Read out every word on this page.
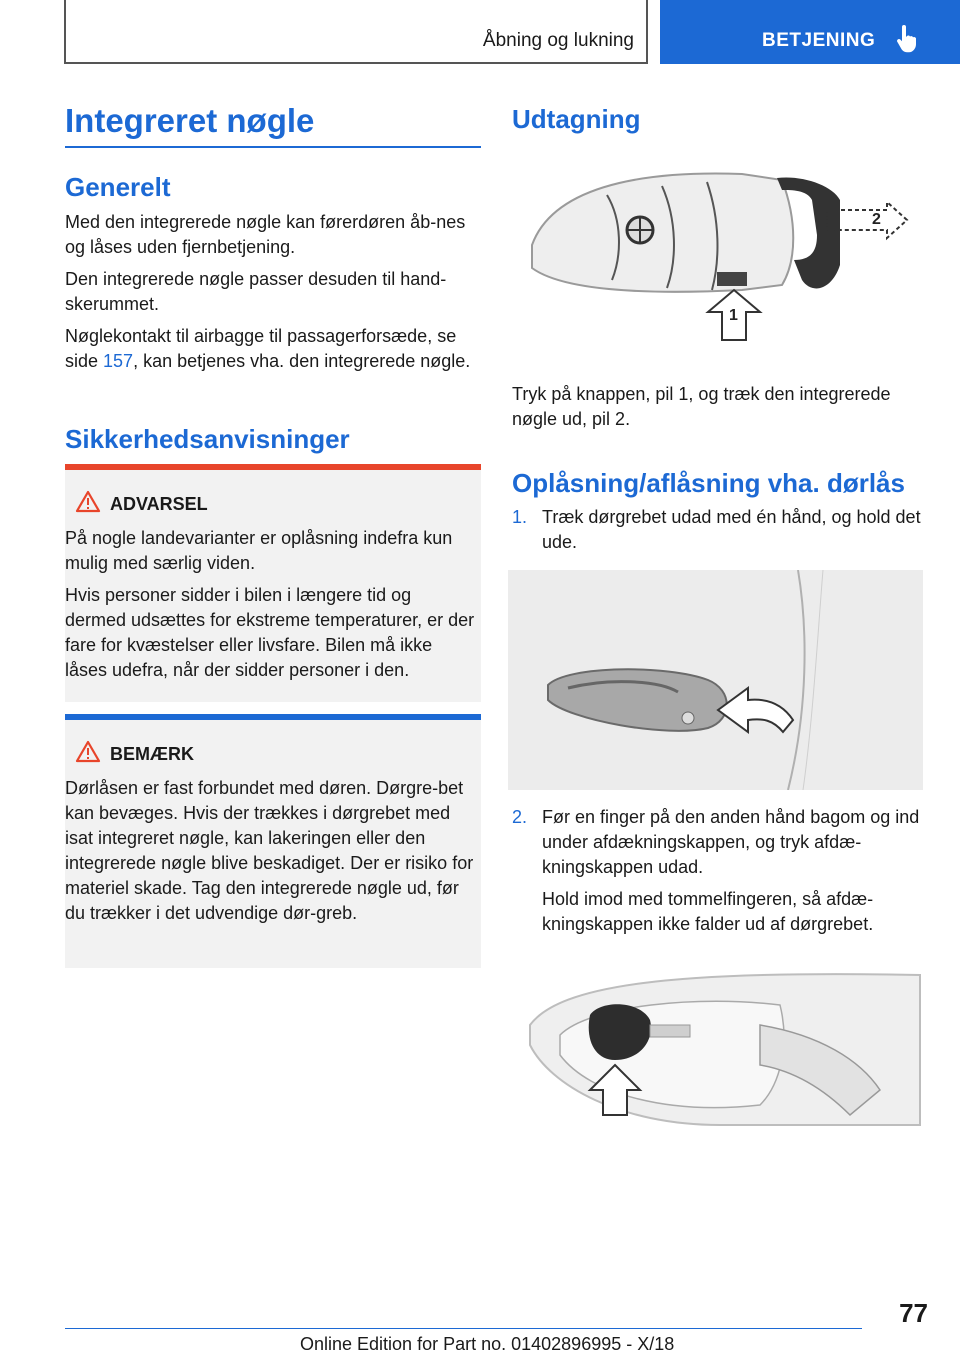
Åbning og lukning	BETJENING
Integreret nøgle
Generelt

Med den integrerede nøgle kan førerdøren åb-nes og låses uden fjernbetjening.

Den integrerede nøgle passer desuden til hand-skerummet.

Nøglekontakt til airbagge til passagerforsæde, se side 157, kan betjenes vha. den integrerede nøgle.

Sikkerhedsanvisninger
ADVARSEL

På nogle landevarianter er oplåsning indefra kun mulig med særlig viden.

Hvis personer sidder i bilen i længere tid og dermed udsættes for ekstreme temperaturer, er der fare for kvæstelser eller livsfare. Bilen må ikke låses udefra, når der sidder personer i den.

BEMÆRK

Dørlåsen er fast forbundet med døren. Dørgre-bet kan bevæges. Hvis der trækkes i dørgrebet med isat integreret nøgle, kan lakeringen eller den integrerede nøgle blive beskadiget. Der er risiko for materiel skade. Tag den integrerede nøgle ud, før du trækker i det udvendige dør-greb.

Udtagning
2
1

Tryk på knappen, pil 1, og træk den integrerede nøgle ud, pil 2.

Oplåsning/aflåsning vha. dørlås
1. Træk dørgrebet udad med én hånd, og hold det ude.

2. Før en finger på den anden hånd bagom og ind under afdækningskappen, og tryk afdæ-kningskappen udad.

Hold imod med tommelfingeren, så afdæ-kningskappen ikke falder ud af dørgrebet.

77
Online Edition for Part no. 01402896995 - X/18
